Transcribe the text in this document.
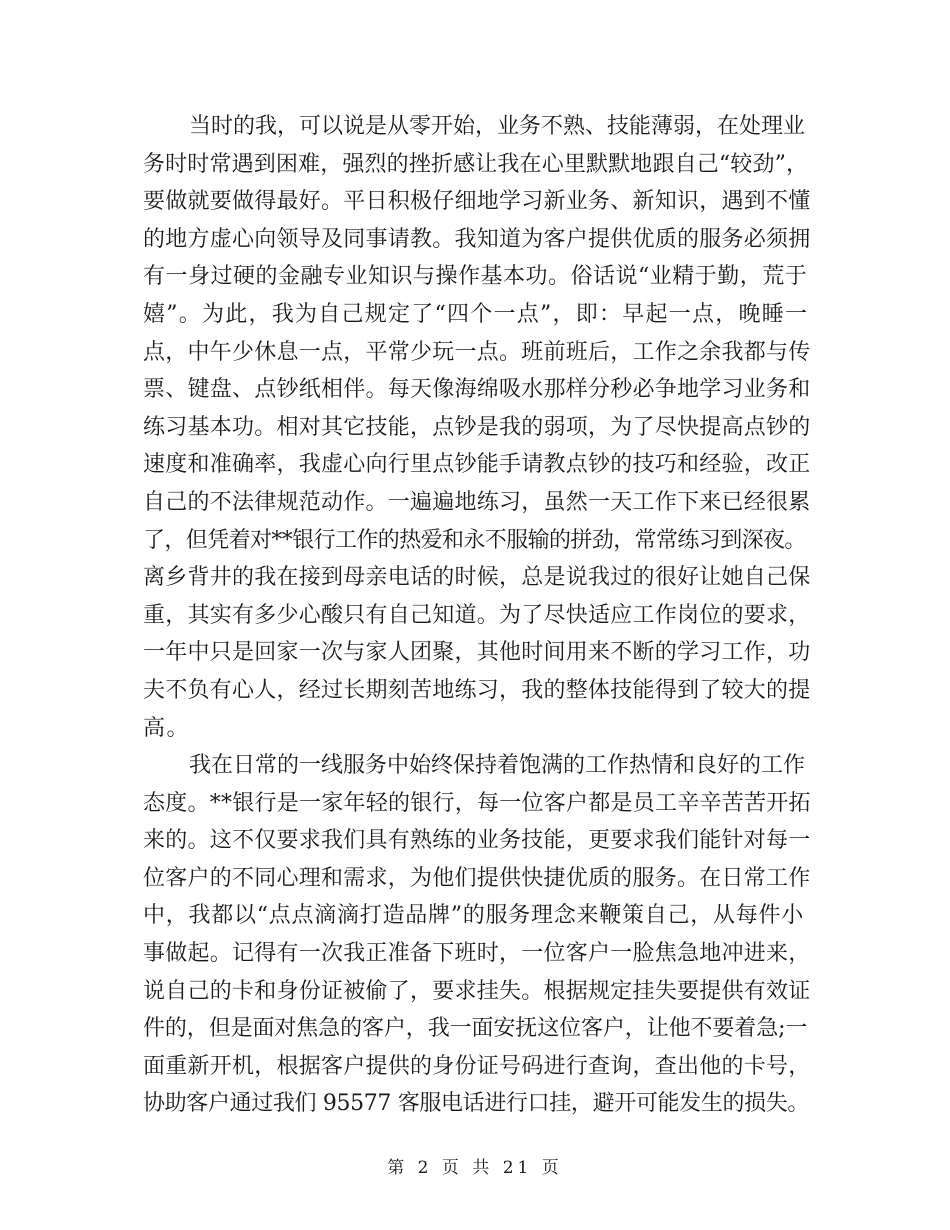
当时的我，可以说是从零开始，业务不熟、技能薄弱，在处理业
务时时常遇到困难，强烈的挫折感让我在心里默默地跟自己“较劲”，
要做就要做得最好。平日积极仔细地学习新业务、新知识，遇到不懂
的地方虚心向领导及同事请教。我知道为客户提供优质的服务必须拥
有一身过硬的金融专业知识与操作基本功。俗话说“业精于勤，荒于
嬉”。为此，我为自己规定了“四个一点”，即：早起一点，晚睡一
点，中午少休息一点，平常少玩一点。班前班后，工作之余我都与传
票、键盘、点钞纸相伴。每天像海绵吸水那样分秒必争地学习业务和
练习基本功。相对其它技能，点钞是我的弱项，为了尽快提高点钞的
速度和准确率，我虚心向行里点钞能手请教点钞的技巧和经验，改正
自己的不法律规范动作。一遍遍地练习，虽然一天工作下来已经很累
了，但凭着对**银行工作的热爱和永不服输的拼劲，常常练习到深夜。
离乡背井的我在接到母亲电话的时候，总是说我过的很好让她自己保
重，其实有多少心酸只有自己知道。为了尽快适应工作岗位的要求，
一年中只是回家一次与家人团聚，其他时间用来不断的学习工作，功
夫不负有心人，经过长期刻苦地练习，我的整体技能得到了较大的提
高。
我在日常的一线服务中始终保持着饱满的工作热情和良好的工作
态度。**银行是一家年轻的银行，每一位客户都是员工辛辛苦苦开拓
来的。这不仅要求我们具有熟练的业务技能，更要求我们能针对每一
位客户的不同心理和需求，为他们提供快捷优质的服务。在日常工作
中，我都以“点点滴滴打造品牌”的服务理念来鞭策自己，从每件小
事做起。记得有一次我正准备下班时，一位客户一脸焦急地冲进来，
说自己的卡和身份证被偷了，要求挂失。根据规定挂失要提供有效证
件的，但是面对焦急的客户，我一面安抚这位客户，让他不要着急;一
面重新开机，根据客户提供的身份证号码进行查询，查出他的卡号，
协助客户通过我们 95577 客服电话进行口挂，避开可能发生的损失。
第 2 页 共 21 页
